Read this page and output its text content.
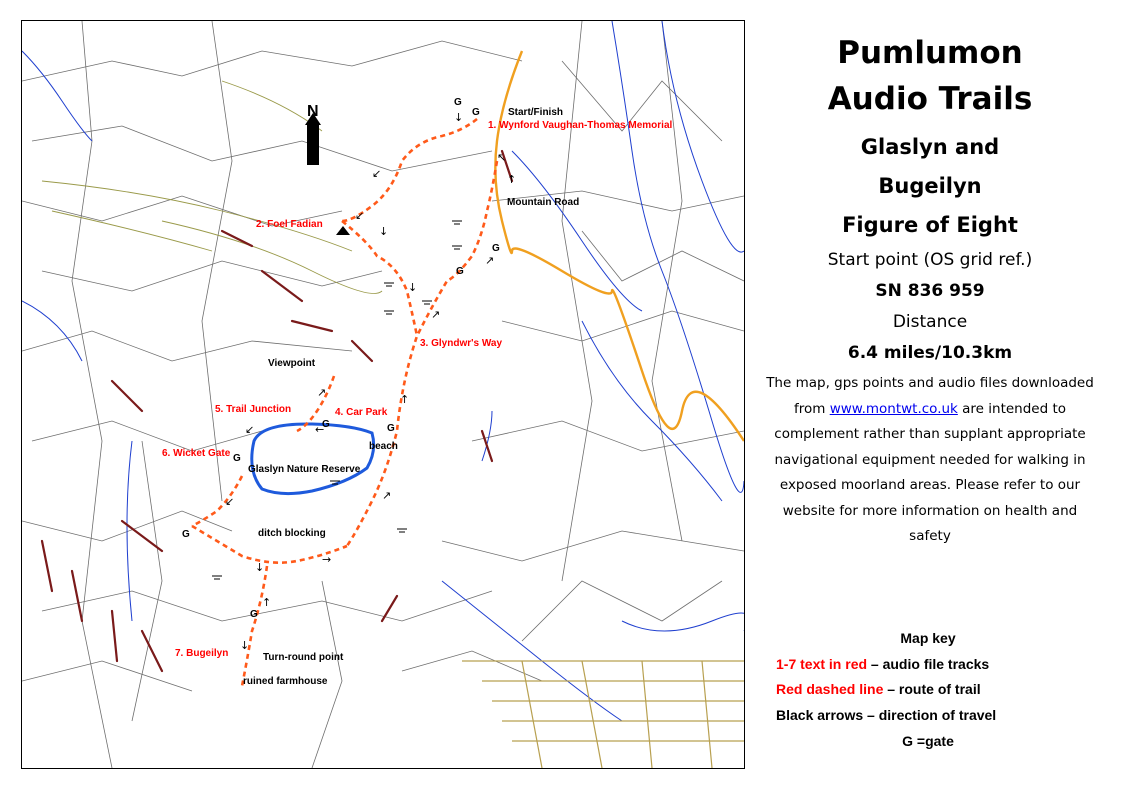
N	↓
↙
↙
↓
↖
↑
↗
↓
↗
↗
↑
←
↙
↙
→
↗
↓
↑
↓
G
G
G
G
G	G
G
G
G
1. Wynford Vaughan-Thomas Memorial
2. Foel Fadian
3. Glyndwr's Way
4. Car Park
5. Trail Junction
6. Wicket Gate
7. Bugeilyn
Start/Finish
Mountain Road
Viewpoint
beach
Glaslyn Nature Reserve
ditch blocking
Turn-round point
ruined farmhouse
Pumlumon
Audio Trails
Glaslyn and
Bugeilyn
Figure of Eight
Start point (OS grid ref.)
SN 836 959
Distance
6.4 miles/10.3km
The map, gps points and audio files downloaded from www.montwt.co.uk are intended to complement rather than supplant appropriate navigational equipment needed for walking in exposed moorland areas. Please refer to our website for more information on health and safety
Map key
1-7 text in red – audio file tracks
Red dashed line – route of trail
Black arrows – direction of travel
G =gate
